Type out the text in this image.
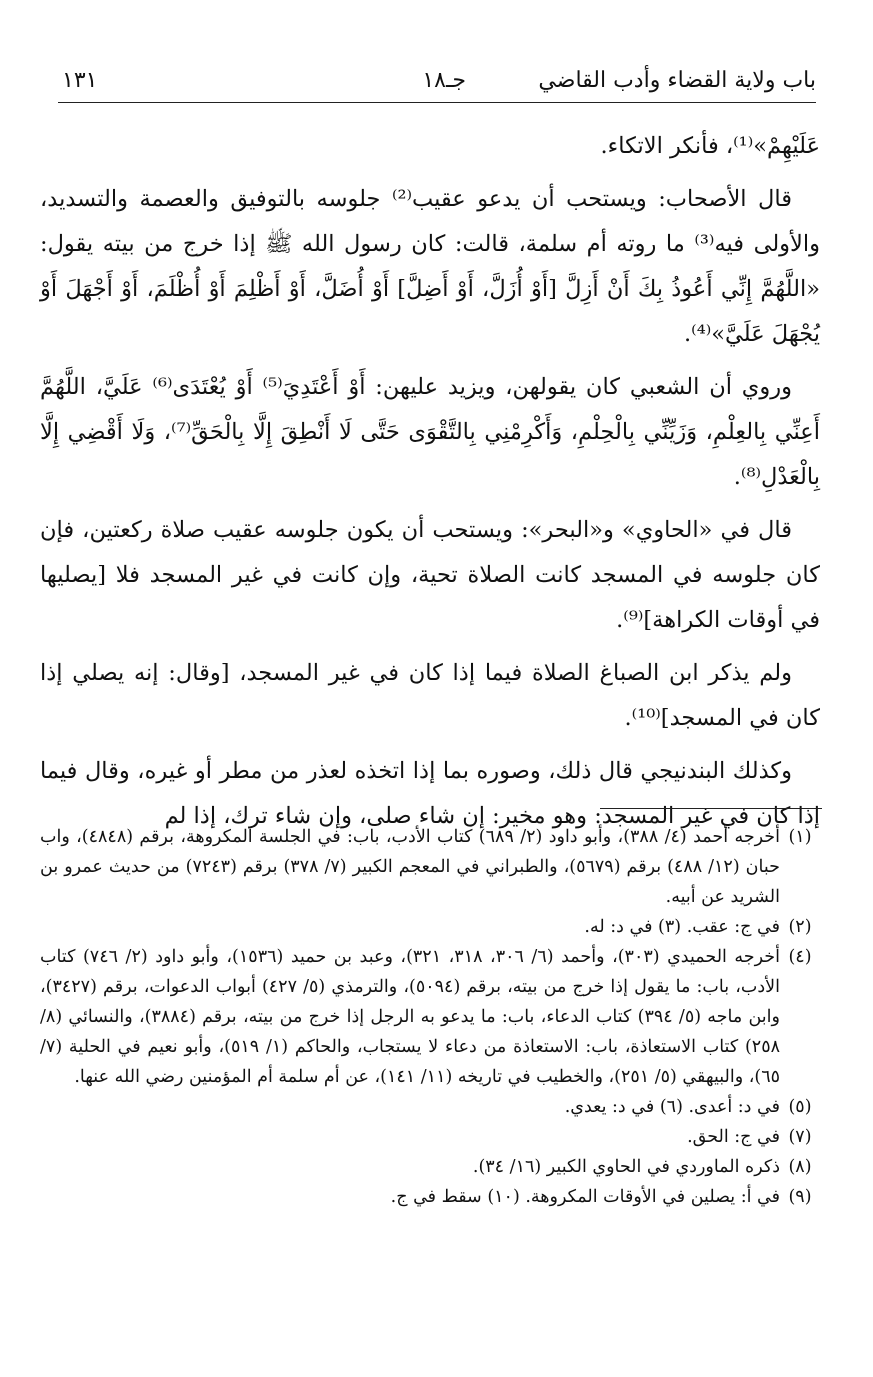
باب ولاية القضاء وأدب القاضي
جـ١٨
١٣١

عَلَيْهِمْ»⁽¹⁾، فأنكر الاتكاء.

قال الأصحاب: ويستحب أن يدعو عقيب⁽²⁾ جلوسه بالتوفيق والعصمة والتسديد، والأولى فيه⁽³⁾ ما روته أم سلمة، قالت: كان رسول الله ﷺ إذا خرج من بيته يقول: «اللَّهُمَّ إِنِّي أَعُوذُ بِكَ أَنْ أَزِلَّ [أَوْ أُزَلَّ، أَوْ أَضِلَّ] أَوْ أُضَلَّ، أَوْ أَظْلِمَ أَوْ أُظْلَمَ، أَوْ أَجْهَلَ أَوْ يُجْهَلَ عَلَيَّ»⁽⁴⁾.

وروي أن الشعبي كان يقولهن، ويزيد عليهن: أَوْ أَعْتَدِيَ⁽⁵⁾ أَوْ يُعْتَدَى⁽⁶⁾ عَلَيَّ، اللَّهُمَّ أَعِنِّي بِالعِلْمِ، وَزَيِّنِّي بِالْحِلْمِ، وَأَكْرِمْنِي بِالتَّقْوَى حَتَّى لَا أَنْطِقَ إِلَّا بِالْحَقِّ⁽⁷⁾، وَلَا أَقْضِي إِلَّا بِالْعَدْلِ⁽⁸⁾.

قال في «الحاوي» و«البحر»: ويستحب أن يكون جلوسه عقيب صلاة ركعتين، فإن كان جلوسه في المسجد كانت الصلاة تحية، وإن كانت في غير المسجد فلا [يصليها في أوقات الكراهة]⁽⁹⁾.

ولم يذكر ابن الصباغ الصلاة فيما إذا كان في غير المسجد، [وقال: إنه يصلي إذا كان في المسجد]⁽¹⁰⁾.

وكذلك البندنيجي قال ذلك، وصوره بما إذا اتخذه لعذر من مطر أو غيره، وقال فيما إذا كان في غير المسجد: وهو مخير: إن شاء صلى، وإن شاء ترك، إذا لم

(١)
أخرجه أحمد (٤/ ٣٨٨)، وأبو داود (٢/ ٦٨٩) كتاب الأدب، باب: في الجلسة المكروهة، برقم (٤٨٤٨)، واب حبان (١٢/ ٤٨٨) برقم (٥٦٧٩)، والطبراني في المعجم الكبير (٧/ ٣٧٨) برقم (٧٢٤٣) من حديث عمرو بن الشريد عن أبيه.
(٢)
في ج: عقب. (٣) في د: له.
(٤)
أخرجه الحميدي (٣٠٣)، وأحمد (٦/ ٣٠٦، ٣١٨، ٣٢١)، وعبد بن حميد (١٥٣٦)، وأبو داود (٢/ ٧٤٦) كتاب الأدب، باب: ما يقول إذا خرج من بيته، برقم (٥٠٩٤)، والترمذي (٥/ ٤٢٧) أبواب الدعوات، برقم (٣٤٢٧)، وابن ماجه (٥/ ٣٩٤) كتاب الدعاء، باب: ما يدعو به الرجل إذا خرج من بيته، برقم (٣٨٨٤)، والنسائي (٨/ ٢٥٨) كتاب الاستعاذة، باب: الاستعاذة من دعاء لا يستجاب، والحاكم (١/ ٥١٩)، وأبو نعيم في الحلية (٧/ ٦٥)، والبيهقي (٥/ ٢٥١)، والخطيب في تاريخه (١١/ ١٤١)، عن أم سلمة أم المؤمنين رضي الله عنها.
(٥)
في د: أعدى. (٦) في د: يعدي.
(٧)
في ج: الحق.
(٨)
ذكره الماوردي في الحاوي الكبير (١٦/ ٣٤).
(٩)
في أ: يصلين في الأوقات المكروهة. (١٠) سقط في ج.
